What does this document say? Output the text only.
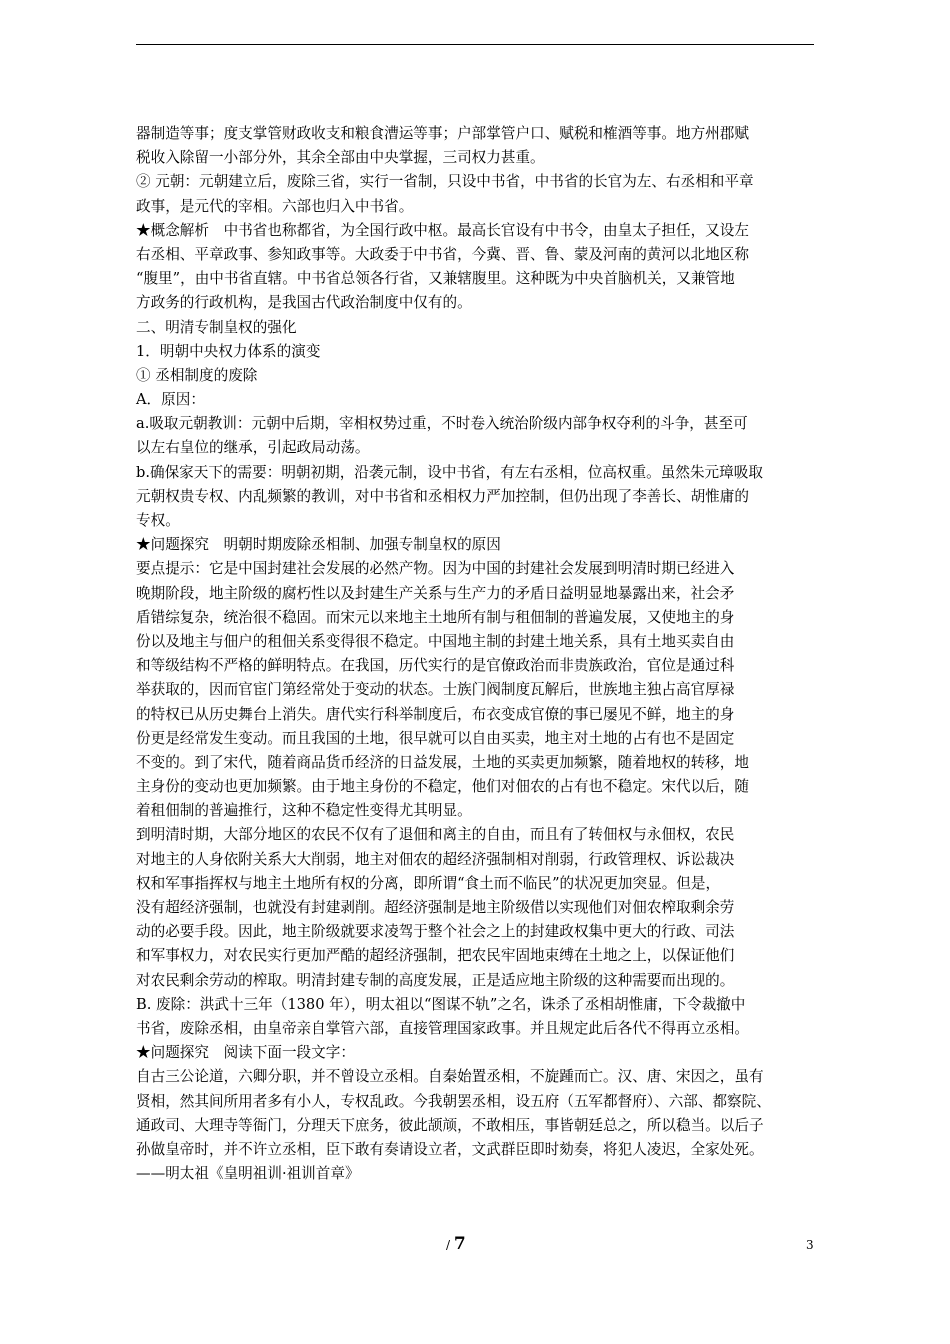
器制造等事；度支掌管财政收支和粮食漕运等事；户部掌管户口、赋税和榷酒等事。地方州郡赋
税收入除留一小部分外，其余全部由中央掌握，三司权力甚重。
② 元朝：元朝建立后，废除三省，实行一省制，只设中书省，中书省的长官为左、右丞相和平章
政事，是元代的宰相。六部也归入中书省。
★概念解析　中书省也称都省，为全国行政中枢。最高长官设有中书令，由皇太子担任，又设左
右丞相、平章政事、参知政事等。大政委于中书省，今冀、晋、鲁、蒙及河南的黄河以北地区称
“腹里”，由中书省直辖。中书省总领各行省，又兼辖腹里。这种既为中央首脑机关，又兼管地
方政务的行政机构，是我国古代政治制度中仅有的。
二、明清专制皇权的强化
1．明朝中央权力体系的演变
① 丞相制度的废除
A．原因：
a.吸取元朝教训：元朝中后期，宰相权势过重，不时卷入统治阶级内部争权夺利的斗争，甚至可
以左右皇位的继承，引起政局动荡。
b.确保家天下的需要：明朝初期，沿袭元制，设中书省，有左右丞相，位高权重。虽然朱元璋吸取
元朝权贵专权、内乱频繁的教训，对中书省和丞相权力严加控制，但仍出现了李善长、胡惟庸的
专权。
★问题探究　明朝时期废除丞相制、加强专制皇权的原因
要点提示：它是中国封建社会发展的必然产物。因为中国的封建社会发展到明清时期已经进入
晚期阶段，地主阶级的腐朽性以及封建生产关系与生产力的矛盾日益明显地暴露出来，社会矛
盾错综复杂，统治很不稳固。而宋元以来地主土地所有制与租佃制的普遍发展，又使地主的身
份以及地主与佃户的租佃关系变得很不稳定。中国地主制的封建土地关系，具有土地买卖自由
和等级结构不严格的鲜明特点。在我国，历代实行的是官僚政治而非贵族政治，官位是通过科
举获取的，因而官宦门第经常处于变动的状态。士族门阀制度瓦解后，世族地主独占高官厚禄
的特权已从历史舞台上消失。唐代实行科举制度后，布衣变成官僚的事已屡见不鲜，地主的身
份更是经常发生变动。而且我国的土地，很早就可以自由买卖，地主对土地的占有也不是固定
不变的。到了宋代，随着商品货币经济的日益发展，土地的买卖更加频繁，随着地权的转移，地
主身份的变动也更加频繁。由于地主身份的不稳定，他们对佃农的占有也不稳定。宋代以后，随
着租佃制的普遍推行，这种不稳定性变得尤其明显。
到明清时期，大部分地区的农民不仅有了退佃和离主的自由，而且有了转佃权与永佃权，农民
对地主的人身依附关系大大削弱，地主对佃农的超经济强制相对削弱，行政管理权、诉讼裁决
权和军事指挥权与地主土地所有权的分离，即所谓“食土而不临民”的状况更加突显。但是，
没有超经济强制，也就没有封建剥削。超经济强制是地主阶级借以实现他们对佃农榨取剩余劳
动的必要手段。因此，地主阶级就要求凌驾于整个社会之上的封建政权集中更大的行政、司法
和军事权力，对农民实行更加严酷的超经济强制，把农民牢固地束缚在土地之上，以保证他们
对农民剩余劳动的榨取。明清封建专制的高度发展，正是适应地主阶级的这种需要而出现的。
B. 废除：洪武十三年（1380 年），明太祖以“图谋不轨”之名，诛杀了丞相胡惟庸，下令裁撤中
书省，废除丞相，由皇帝亲自掌管六部，直接管理国家政事。并且规定此后各代不得再立丞相。
★问题探究　阅读下面一段文字：
自古三公论道，六卿分职，并不曾设立丞相。自秦始置丞相，不旋踵而亡。汉、唐、宋因之，虽有
贤相，然其间所用者多有小人，专权乱政。今我朝罢丞相，设五府（五军都督府）、六部、都察院、
通政司、大理寺等衙门，分理天下庶务，彼此颉颃，不敢相压，事皆朝廷总之，所以稳当。以后子
孙做皇帝时，并不许立丞相，臣下敢有奏请设立者，文武群臣即时劾奏，将犯人凌迟，全家处死。
——明太祖《皇明祖训·祖训首章》
/ 7	3
